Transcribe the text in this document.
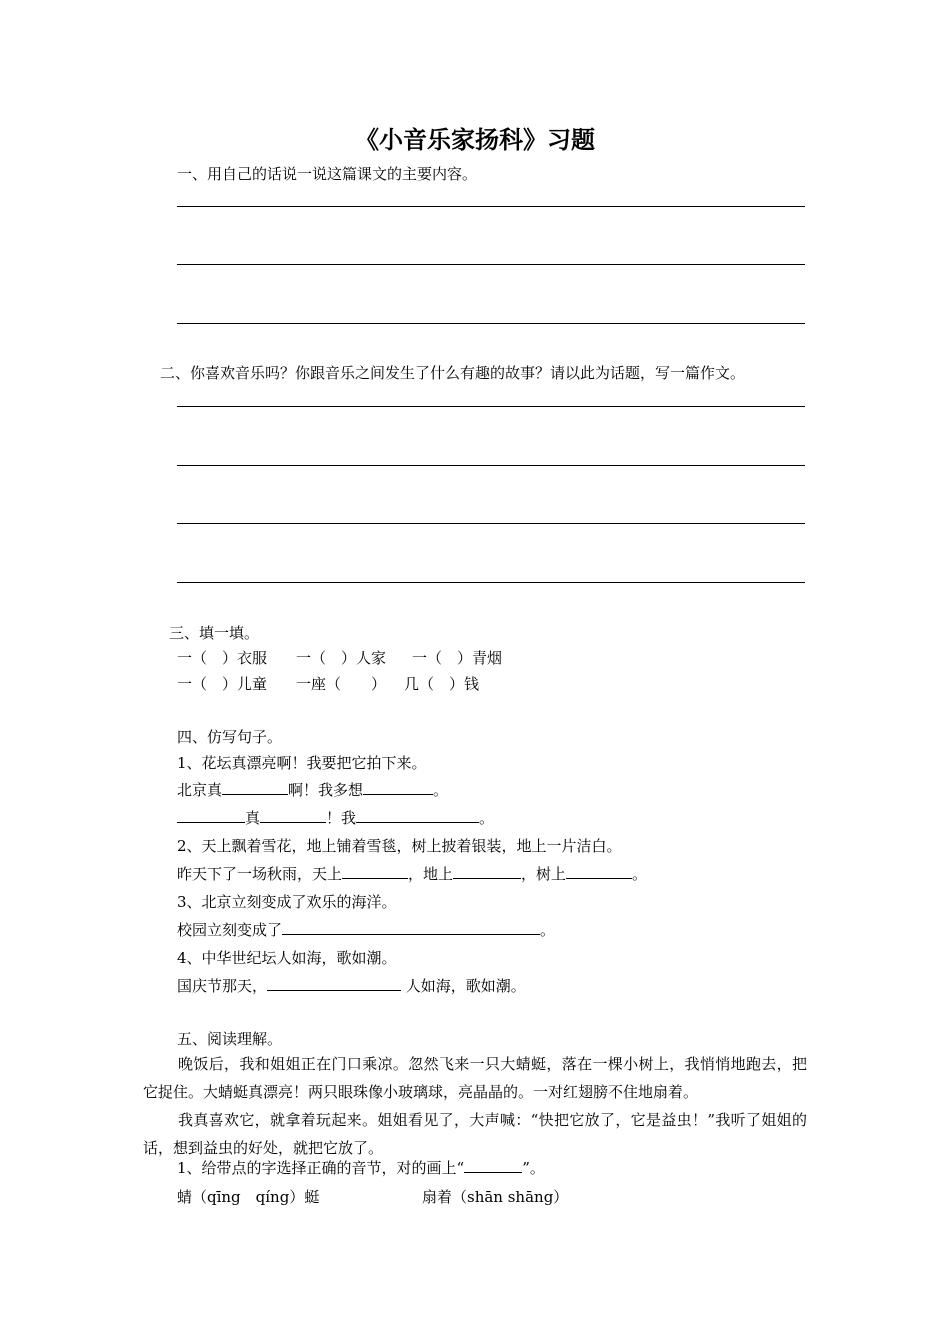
《小音乐家扬科》习题
一、用自己的话说一说这篇课文的主要内容。
二、你喜欢音乐吗？你跟音乐之间发生了什么有趣的故事？请以此为话题，写一篇作文。
三、填一填。
一（　）衣服 一（　）人家 一（　）青烟
一（　）儿童 一座（　　） 几（　）钱
四、仿写句子。
1、花坛真漂亮啊！我要把它拍下来。
北京真	啊！我多想	。
真	！我	。
2、天上飘着雪花，地上铺着雪毯，树上披着银装，地上一片洁白。
昨天下了一场秋雨，天上	，地上	，树上	。
3、北京立刻变成了欢乐的海洋。
校园立刻变成了	。
4、中华世纪坛人如海，歌如潮。
国庆节那天，	人如海，歌如潮。
五、阅读理解。
晚饭后，我和姐姐正在门口乘凉。忽然飞来一只大蜻蜓，落在一棵小树上，我悄悄地跑去，把它捉住。大蜻蜓真漂亮！两只眼珠像小玻璃球，亮晶晶的。一对红翅膀不住地扇着。
我真喜欢它，就拿着玩起来。姐姐看见了，大声喊：“快把它放了，它是益虫！”我听了姐姐的话，想到益虫的好处，就把它放了。
1、给带点的字选择正确的音节，对的画上“	”。
蜻（qīng　qíng）蜓	扇着（shān shāng）
